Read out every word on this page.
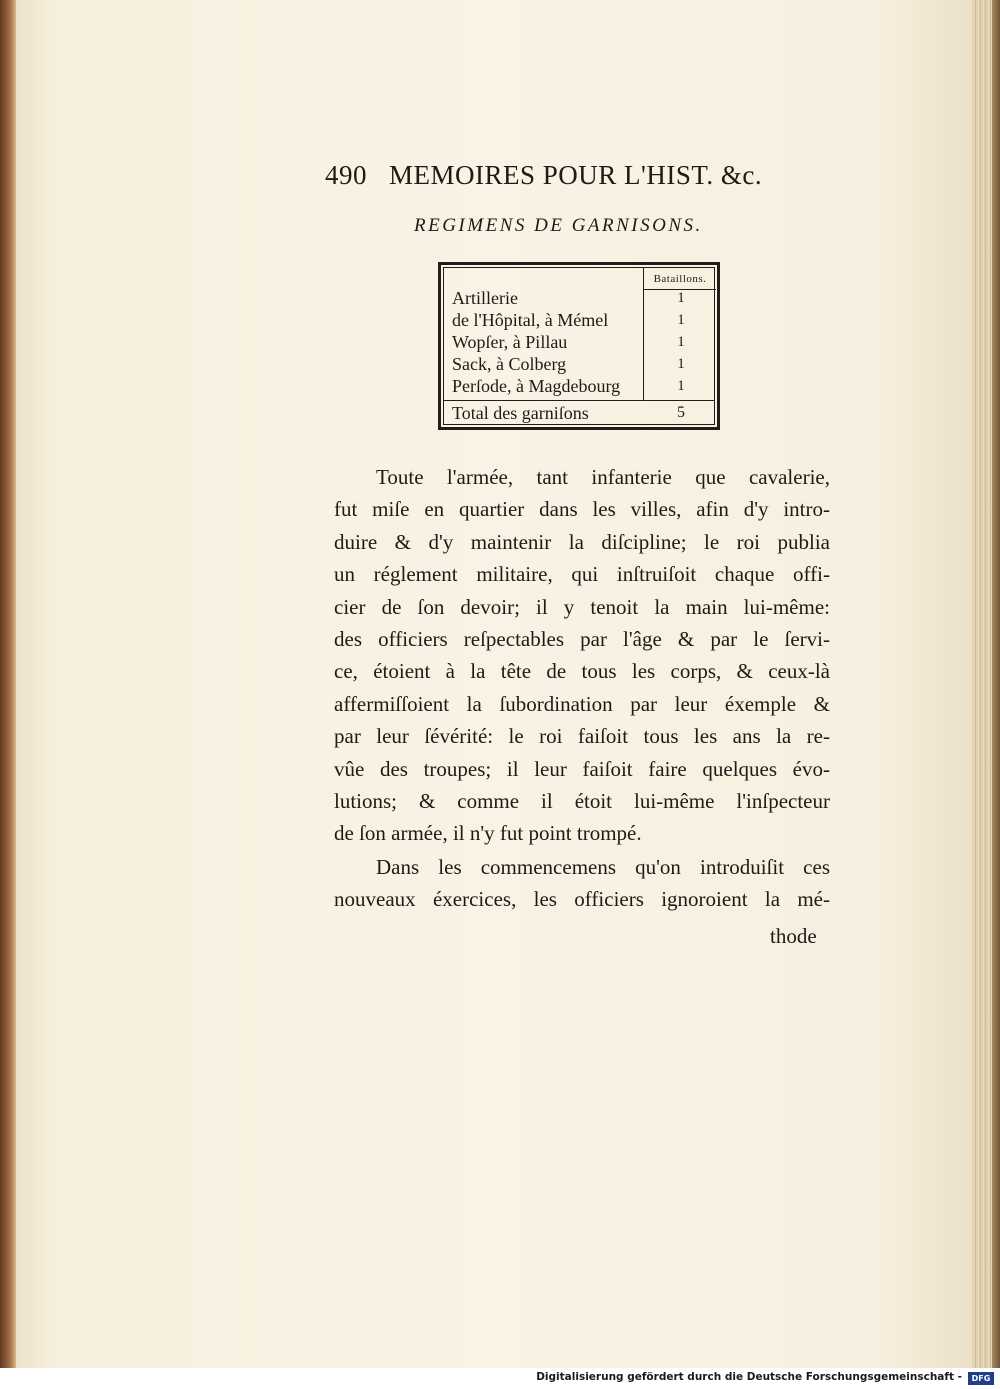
490 MEMOIRES POUR L'HIST. &c.
REGIMENS DE GARNISONS.
Bataillons.
Artillerie	1
de l'Hôpital, à Mémel	1
Wopſer, à Pillau	1
Sack, à Colberg	1
Perſode, à Magdebourg	1
Total des garniſons	5
Toute l'armée, tant infanterie que cavalerie,
fut miſe en quartier dans les villes, afin d'y intro-
duire & d'y maintenir la diſcipline; le roi publia
un réglement militaire, qui inſtruiſoit chaque offi-
cier de ſon devoir; il y tenoit la main lui-même:
des officiers reſpectables par l'âge & par le ſervi-
ce, étoient à la tête de tous les corps, & ceux-là
affermiſſoient la ſubordination par leur éxemple &
par leur ſévérité: le roi faiſoit tous les ans la re-
vûe des troupes; il leur faiſoit faire quelques évo-
lutions; & comme il étoit lui-même l'inſpecteur
de ſon armée, il n'y fut point trompé.
Dans les commencemens qu'on introduiſit ces
nouveaux éxercices, les officiers ignoroient la mé-
thode
Digitalisierung gefördert durch die Deutsche Forschungsgemeinschaft -	DFG
